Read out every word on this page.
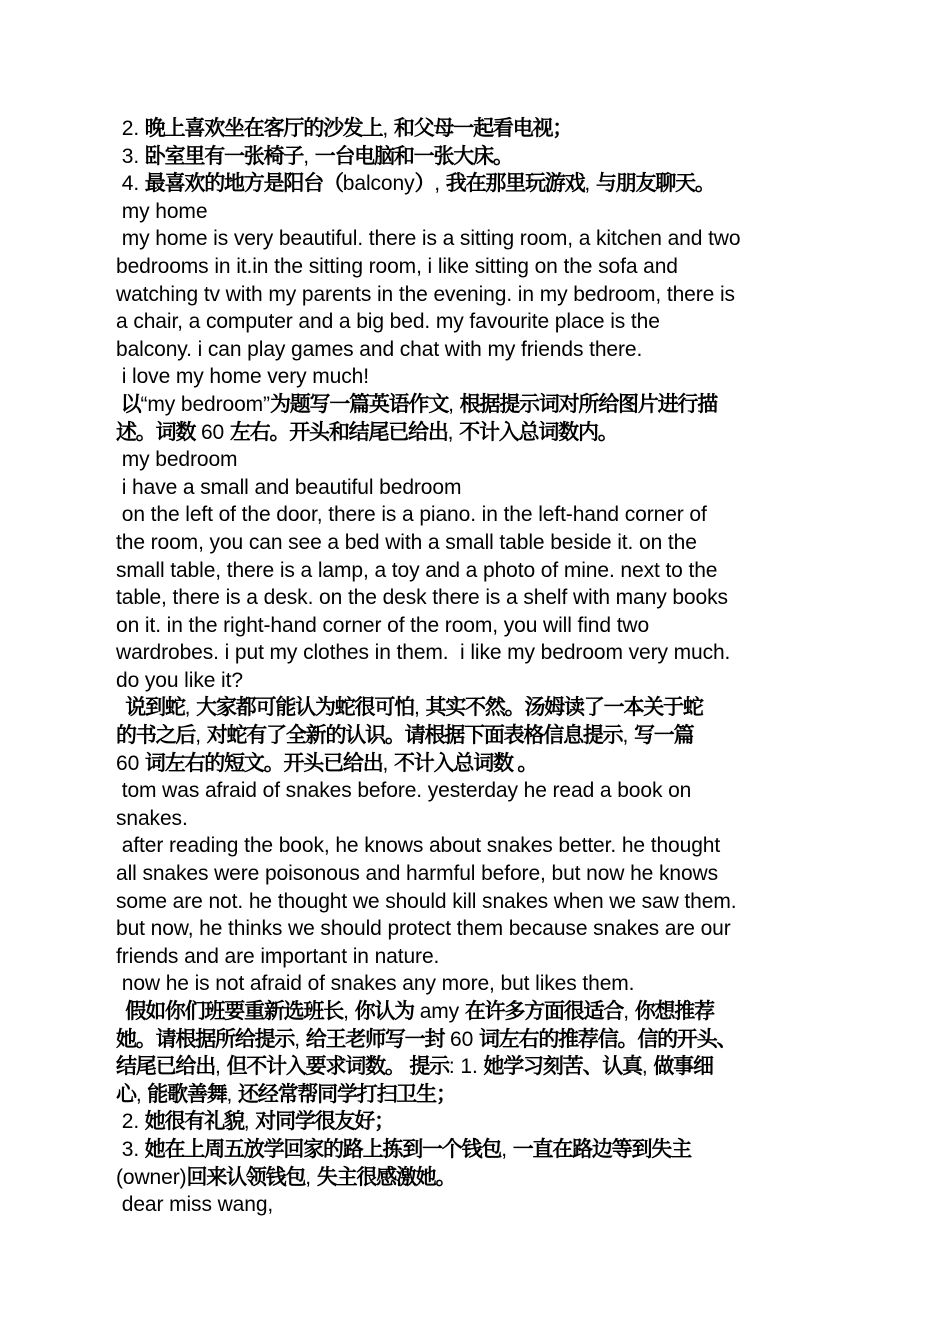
2. 晚上喜欢坐在客厅的沙发上, 和父母一起看电视；

3. 卧室里有一张椅子, 一台电脑和一张大床。

4. 最喜欢的地方是阳台（balcony）, 我在那里玩游戏, 与朋友聊天。

my home

my home is very beautiful. there is a sitting room, a kitchen and two

bedrooms in it.in the sitting room, i like sitting on the sofa and

watching tv with my parents in the evening. in my bedroom, there is

a chair, a computer and a big bed. my favourite place is the

balcony. i can play games and chat with my friends there.

i love my home very much!

以“my bedroom”为题写一篇英语作文, 根据提示词对所给图片进行描

述。词数 60 左右。开头和结尾已给出, 不计入总词数内。

my bedroom

i have a small and beautiful bedroom

on the left of the door, there is a piano. in the left-hand corner of

the room, you can see a bed with a small table beside it. on the

small table, there is a lamp, a toy and a photo of mine. next to the

table, there is a desk. on the desk there is a shelf with many books

on it. in the right-hand corner of the room, you will find two

wardrobes. i put my clothes in them.  i like my bedroom very much.

do you like it?

说到蛇, 大家都可能认为蛇很可怕, 其实不然。汤姆读了一本关于蛇

的书之后, 对蛇有了全新的认识。请根据下面表格信息提示, 写一篇

60 词左右的短文。开头已给出, 不计入总词数 。

tom was afraid of snakes before. yesterday he read a book on

snakes.

after reading the book, he knows about snakes better. he thought

all snakes were poisonous and harmful before, but now he knows

some are not. he thought we should kill snakes when we saw them.

but now, he thinks we should protect them because snakes are our

friends and are important in nature.

now he is not afraid of snakes any more, but likes them.

假如你们班要重新选班长, 你认为 amy 在许多方面很适合, 你想推荐

她。请根据所给提示, 给王老师写一封 60 词左右的推荐信。信的开头、

结尾已给出, 但不计入要求词数。 提示: 1. 她学习刻苦、认真, 做事细

心, 能歌善舞, 还经常帮同学打扫卫生；

2. 她很有礼貌, 对同学很友好；

3. 她在上周五放学回家的路上拣到一个钱包, 一直在路边等到失主

(owner)回来认领钱包, 失主很感激她。

dear miss wang,
